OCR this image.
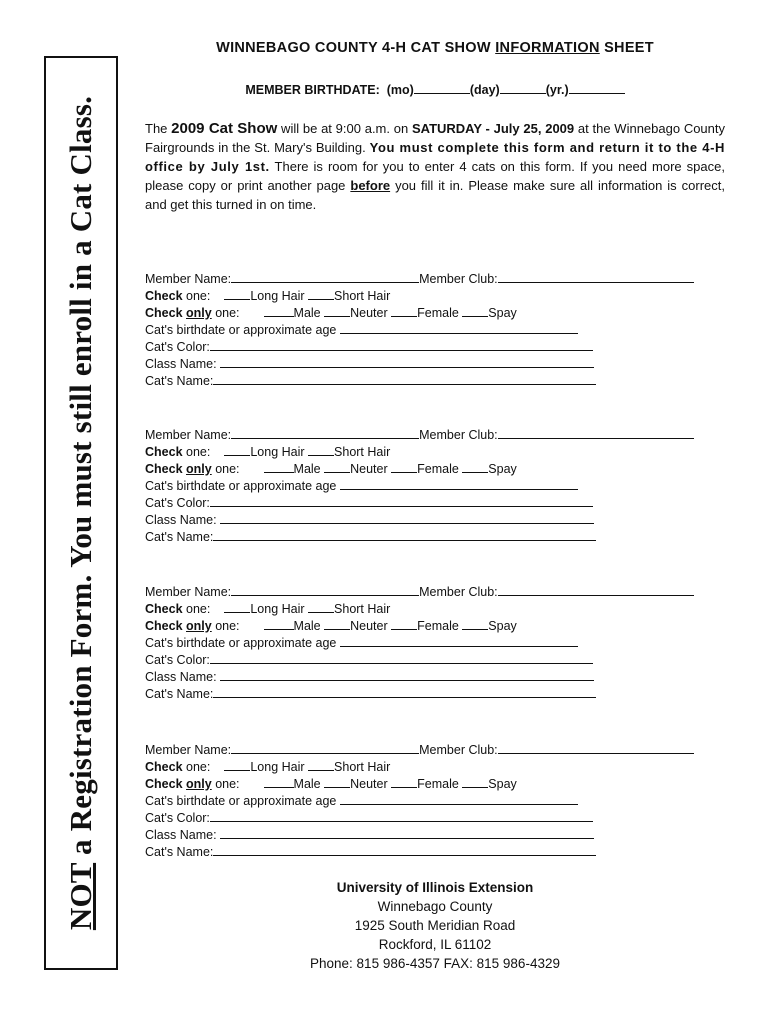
NOT a Registration Form. You must still enroll in a Cat Class.
WINNEBAGO COUNTY 4-H CAT SHOW INFORMATION SHEET
MEMBER BIRTHDATE: (mo)	(day)	(yr.)
The 2009 Cat Show will be at 9:00 a.m. on SATURDAY - July 25, 2009 at the Winnebago County Fairgrounds in the St. Mary's Building. You must complete this form and return it to the 4-H office by July 1st. There is room for you to enter 4 cats on this form. If you need more space, please copy or print another page before you fill it in. Please make sure all information is correct, and get this turned in on time.
Member Name:	Member Club:
Check one:	Long Hair Short Hair
Check only one:	Male Neuter Female Spay
Cat's birthdate or approximate age
Cat's Color:
Class Name:
Cat's Name:
Member Name:	Member Club:
Check one:	Long Hair Short Hair
Check only one:	Male Neuter Female Spay
Cat's birthdate or approximate age
Cat's Color:
Class Name:
Cat's Name:
Member Name:	Member Club:
Check one:	Long Hair Short Hair
Check only one:	Male Neuter Female Spay
Cat's birthdate or approximate age
Cat's Color:
Class Name:
Cat's Name:
Member Name:	Member Club:
Check one:	Long Hair Short Hair
Check only one:	Male Neuter Female Spay
Cat's birthdate or approximate age
Cat's Color:
Class Name:
Cat's Name:
University of Illinois Extension
Winnebago County
1925 South Meridian Road
Rockford, IL 61102
Phone: 815 986-4357 FAX: 815 986-4329
